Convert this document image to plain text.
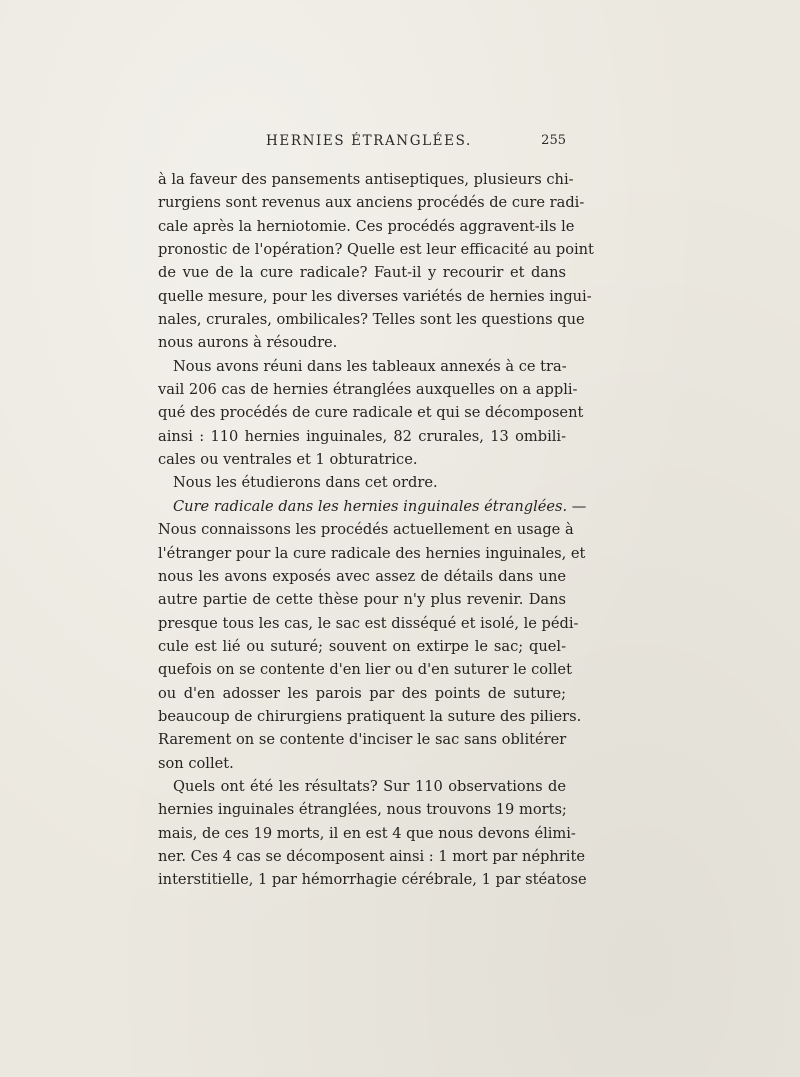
HERNIES ÉTRANGLÉES.	255
à la faveur des pansements antiseptiques, plusieurs chi-
rurgiens sont revenus aux anciens procédés de cure radi-
cale après la herniotomie. Ces procédés aggravent-ils le
pronostic de l'opération? Quelle est leur efficacité au point
de vue de la cure radicale? Faut-il y recourir et dans
quelle mesure, pour les diverses variétés de hernies ingui-
nales, crurales, ombilicales? Telles sont les questions que
nous aurons à résoudre.
Nous avons réuni dans les tableaux annexés à ce tra-
vail 206 cas de hernies étranglées auxquelles on a appli-
qué des procédés de cure radicale et qui se décomposent
ainsi : 110 hernies inguinales, 82 crurales, 13 ombili-
cales ou ventrales et 1 obturatrice.
Nous les étudierons dans cet ordre.
Cure radicale dans les hernies inguinales étranglées. —
Nous connaissons les procédés actuellement en usage à
l'étranger pour la cure radicale des hernies inguinales, et
nous les avons exposés avec assez de détails dans une
autre partie de cette thèse pour n'y plus revenir. Dans
presque tous les cas, le sac est disséqué et isolé, le pédi-
cule est lié ou suturé; souvent on extirpe le sac; quel-
quefois on se contente d'en lier ou d'en suturer le collet
ou d'en adosser les parois par des points de suture;
beaucoup de chirurgiens pratiquent la suture des piliers.
Rarement on se contente d'inciser le sac sans oblitérer
son collet.
Quels ont été les résultats? Sur 110 observations de
hernies inguinales étranglées, nous trouvons 19 morts;
mais, de ces 19 morts, il en est 4 que nous devons élimi-
ner. Ces 4 cas se décomposent ainsi : 1 mort par néphrite
interstitielle, 1 par hémorrhagie cérébrale, 1 par stéatose
